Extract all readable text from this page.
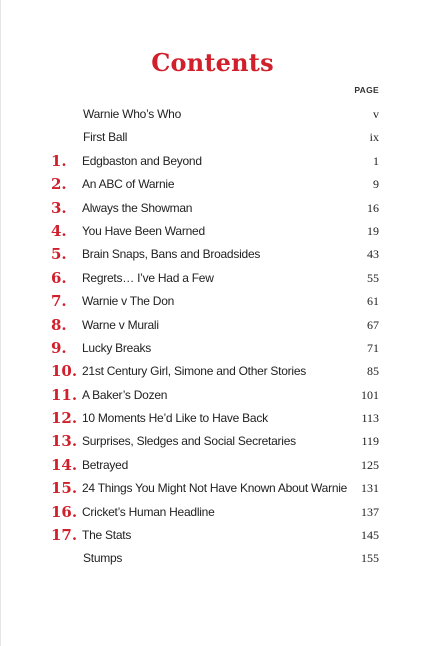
Contents
PAGE
Warnie Who’s Who	v
First Ball	ix
1. Edgbaston and Beyond	1
2. An ABC of Warnie	9
3. Always the Showman	16
4. You Have Been Warned	19
5. Brain Snaps, Bans and Broadsides	43
6. Regrets… I’ve Had a Few	55
7. Warnie v The Don	61
8. Warne v Murali	67
9. Lucky Breaks	71
10. 21st Century Girl, Simone and Other Stories	85
11. A Baker’s Dozen	101
12. 10 Moments He’d Like to Have Back	113
13. Surprises, Sledges and Social Secretaries	119
14. Betrayed	125
15. 24 Things You Might Not Have Known About Warnie 131
16. Cricket’s Human Headline	137
17. The Stats	145
Stumps	155
